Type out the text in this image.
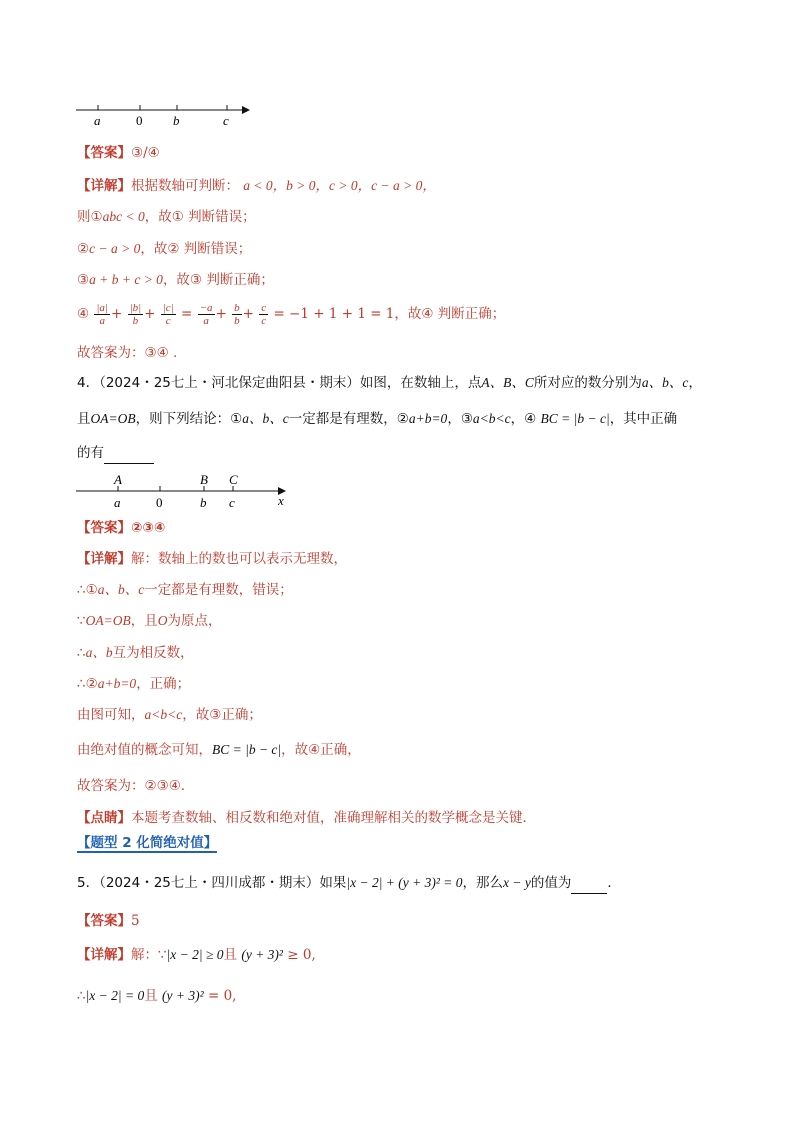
a	0 b	c
【答案】③/④
【详解】根据数轴可判断： a < 0，b > 0，c > 0，c − a > 0，
则①abc < 0，故① 判断错误；
②c − a > 0，故② 判断错误；
③a + b + c > 0，故③ 判断正确；
④ $\frac{|a|}{a} + \frac{|b|}{b} + \frac{|c|}{c} = \frac{-a}{a} + \frac{b}{b} + \frac{c}{c} = -1 + 1 + 1 = 1$，故④ 判断正确；
故答案为：③④ .
4．（2024・25七上・河北保定曲阳县・期末）如图，在数轴上，点A、B、C所对应的数分别为a、b、c，
且OA=OB，则下列结论：①a、b、c一定都是有理数，②a+b=0，③a<b<c，④ BC = |b − c|，其中正确
的有
A	B C
a	0	b c	x
【答案】②③④
【详解】解：数轴上的数也可以表示无理数，
∴①a、b、c一定都是有理数，错误；
∵OA=OB，且O为原点，
∴a、b互为相反数，
∴②a+b=0，正确；
由图可知，a<b<c，故③正确；
由绝对值的概念可知，BC = |b − c|，故④正确，
故答案为：②③④.
【点睛】本题考查数轴、相反数和绝对值，准确理解相关的数学概念是关键．
【题型 2 化简绝对值】
5．（2024・25七上・四川成都・期末）如果|x − 2| + (y + 3)² = 0，那么x − y的值为	．
【答案】5
【详解】解：∵|x − 2| ≥ 0且 (y + 3)² ≥ 0,
∴|x − 2| = 0且 (y + 3)² = 0,
